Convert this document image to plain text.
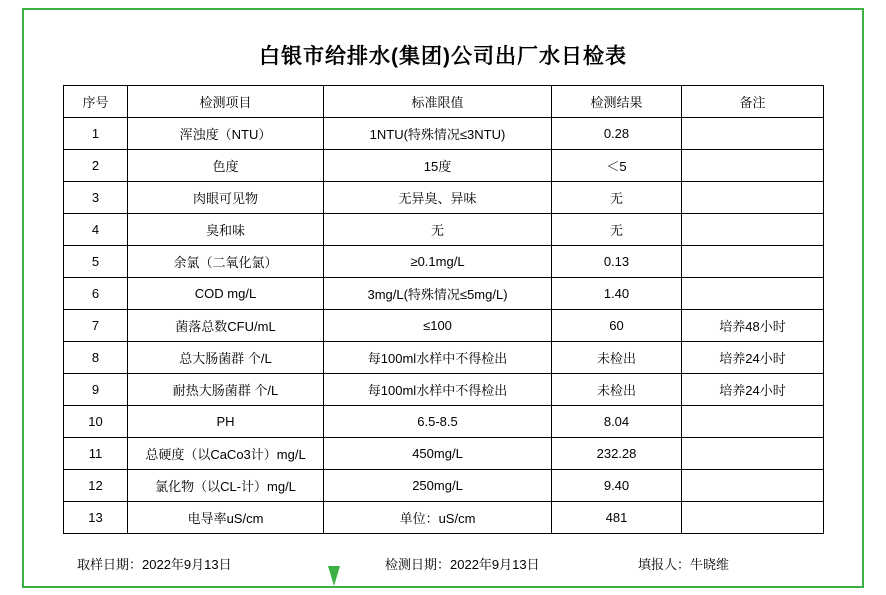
白银市给排水(集团)公司出厂水日检表
序号	检测项目	标准限值	检测结果	备注
1	浑浊度（NTU）	1NTU(特殊情况≤3NTU)	0.28	
2	色度	15度	＜5	
3	肉眼可见物	无异臭、异味	无	
4	臭和味	无	无	
5	余氯（二氧化氯）	≥0.1mg/L	0.13	
6	COD mg/L	3mg/L(特殊情况≤5mg/L)	1.40	
7	菌落总数CFU/mL	≤100	60	培养48小时
8	总大肠菌群 个/L	每100ml水样中不得检出	未检出	培养24小时
9	耐热大肠菌群 个/L	每100ml水样中不得检出	未检出	培养24小时
10	PH	6.5-8.5	8.04	
11	总硬度（以CaCo3计）mg/L	450mg/L	232.28	
12	氯化物（以CL-计）mg/L	250mg/L	9.40	
13	电导率uS/cm	单位：uS/cm	481	
取样日期：2022年9月13日	检测日期：2022年9月13日	填报人：牛晓维
